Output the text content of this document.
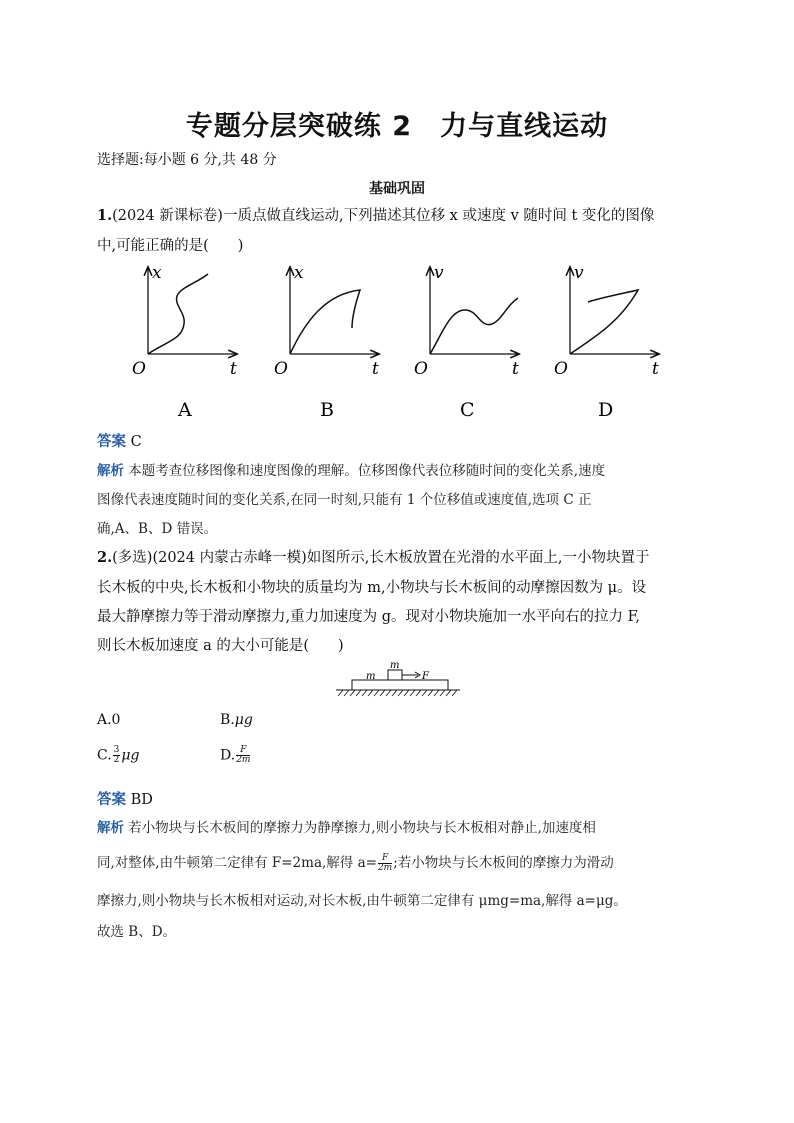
专题分层突破练 2　力与直线运动
选择题:每小题 6 分,共 48 分
基础巩固
1.(2024 新课标卷)一质点做直线运动,下列描述其位移 x 或速度 v 随时间 t 变化的图像
中,可能正确的是(　　)
x
O	t
A
x
O	t
B
v
O	t
C
v
O	t
D
答案 C
解析 本题考查位移图像和速度图像的理解。位移图像代表位移随时间的变化关系,速度
图像代表速度随时间的变化关系,在同一时刻,只能有 1 个位移值或速度值,选项 C 正
确,A、B、D 错误。
2.(多选)(2024 内蒙古赤峰一模)如图所示,长木板放置在光滑的水平面上,一小物块置于
长木板的中央,长木板和小物块的质量均为 m,小物块与长木板间的动摩擦因数为 μ。设
最大静摩擦力等于滑动摩擦力,重力加速度为 g。现对小物块施加一水平向右的拉力 F,
则长木板加速度 a 的大小可能是(　　)
m
m
F
A.0	B.μg
C. $\frac{3}{2}$ μg	D. $\frac{F}{2m}$
答案 BD
解析 若小物块与长木板间的摩擦力为静摩擦力,则小物块与长木板相对静止,加速度相
同,对整体,由牛顿第二定律有 F=2ma,解得 $a= \frac{F}{2m}$ ;若小物块与长木板间的摩擦力为滑动
摩擦力,则小物块与长木板相对运动,对长木板,由牛顿第二定律有 μmg=ma,解得 a=μg。
故选 B、D。
